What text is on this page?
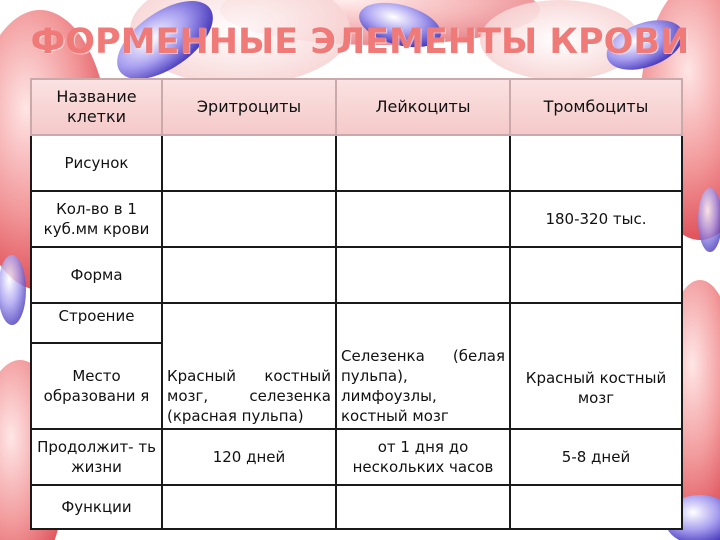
ФОРМЕННЫЕ ЭЛЕМЕНТЫ КРОВИ
Название клетки	Эритроциты	Лейкоциты	Тромбоциты
Рисунок			

Кол-во в 1 куб.мм крови			180-320 тыс.
Форма			
Строение	Красный костный мозг, селезенка (красная пульпа)	Селезенка (белая пульпа), лимфоузлы, костный мозг	Красный костный мозг
Место образовани я			
Продолжит- ть жизни	120 дней	от 1 дня до нескольких часов	5-8 дней
Функции			
